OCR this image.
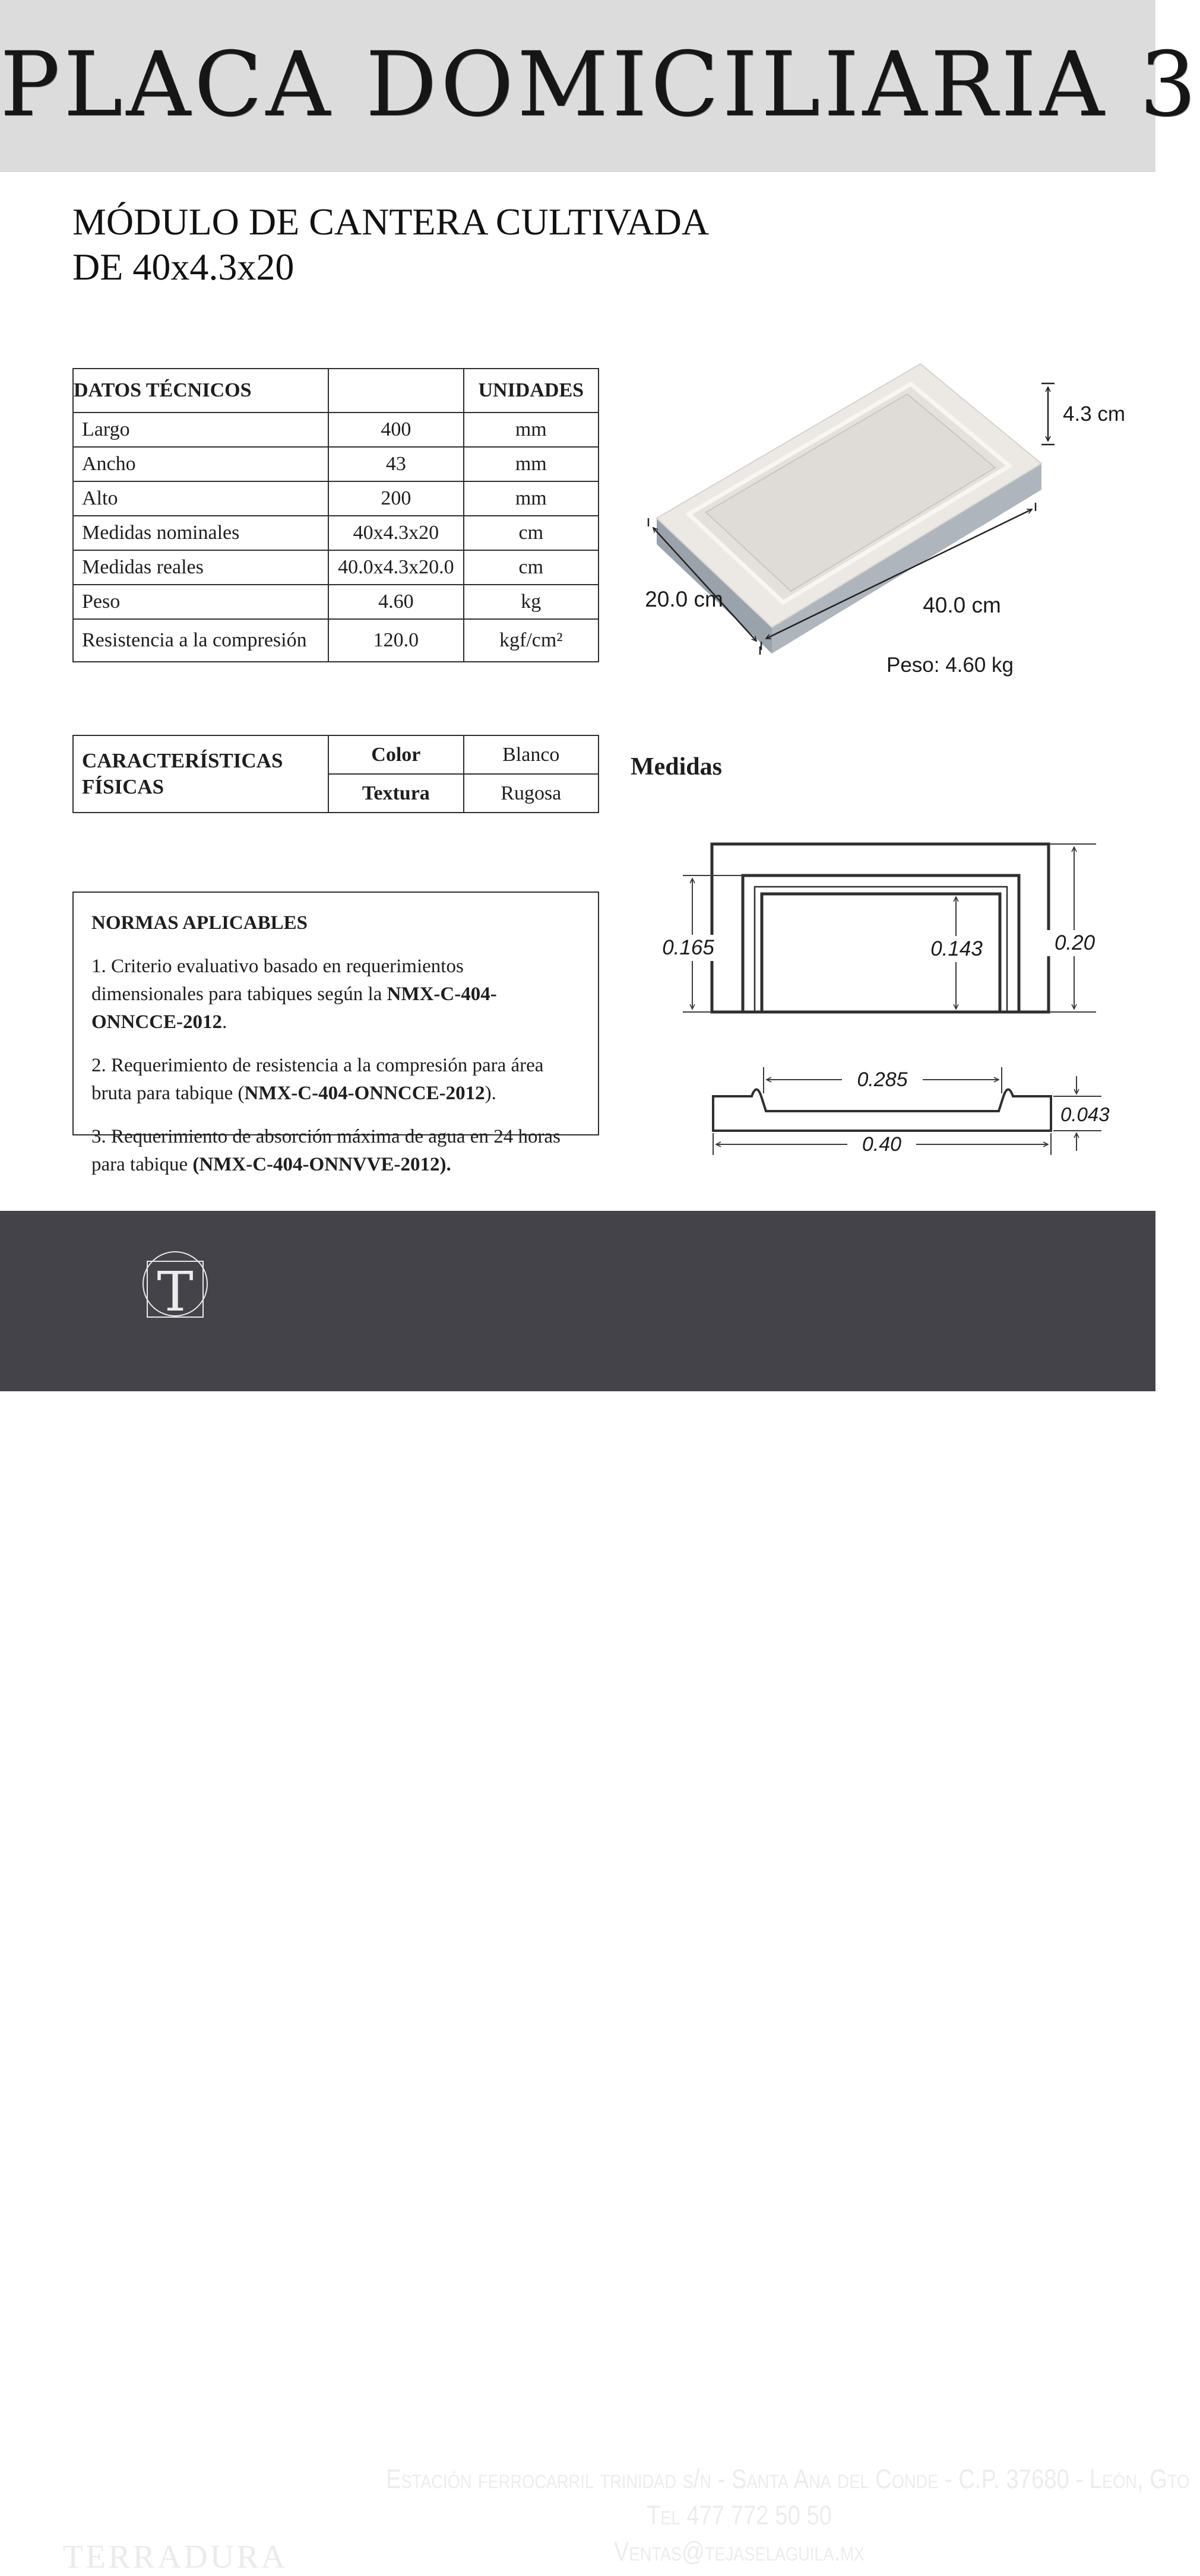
PLACA DOMICILIARIA 3
MÓDULO DE CANTERA CULTIVADA
DE 40x4.3x20
DATOS TÉCNICOS		UNIDADES
Largo	400	mm
Ancho	43	mm
Alto	200	mm
Medidas nominales	40x4.3x20	cm
Medidas reales	40.0x4.3x20.0	cm
Peso	4.60	kg
Resistencia a la compresión	120.0	kgf/cm²
4.3 cm
40.0 cm
20.0 cm
Peso: 4.60 kg
CARACTERÍSTICAS
FÍSICAS	Color	Blanco
	Textura	Rugosa
Medidas

NORMAS APLICABLES

1. Criterio evaluativo basado en requerimientos dimensionales para tabiques según la NMX-C-404-ONNCCE-2012.

2. Requerimiento de resistencia a la compresión para área bruta para tabique (NMX-C-404-ONNCCE-2012).

3. Requerimiento de absorción máxima de agua en 24 horas para tabique (NMX-C-404-ONNVVE-2012).

0.165	0.143	0.20
0.285
0.40
0.043
T
TERRADURA
Estación ferrocarril trinidad s/n - Santa Ana del Conde - C.P. 37680 - León, Gto
Tel 477 772 50 50
Ventas@tejaselaguila.mx
